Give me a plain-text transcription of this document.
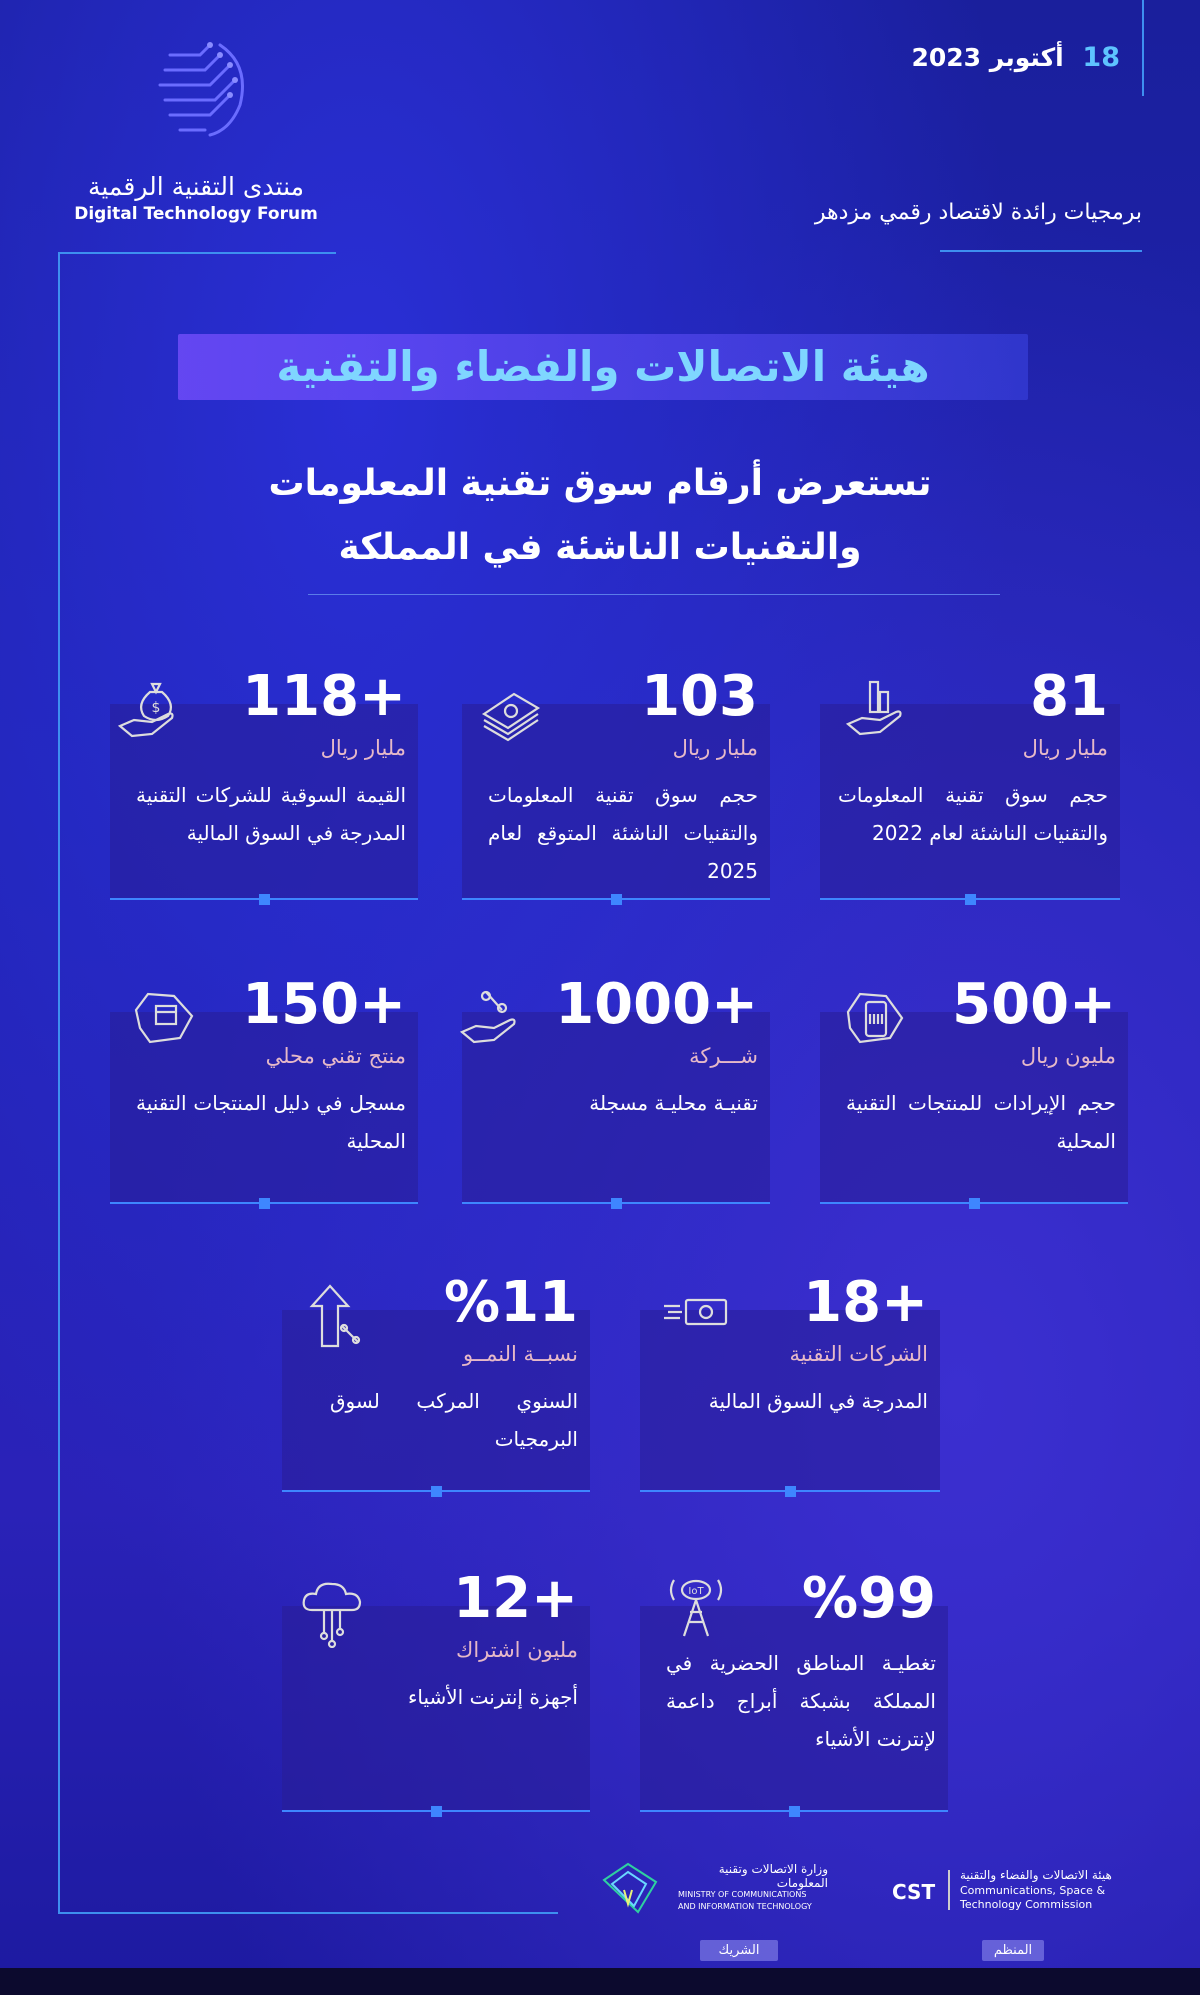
18 أكتوبر 2023
برمجيات رائدة لاقتصاد رقمي مزدهر
منتدى التقنية الرقمية
Digital Technology Forum
هيئة الاتصالات والفضاء والتقنية
تستعرض أرقام سوق تقنية المعلومات
والتقنيات الناشئة في المملكة
81
مليار ريال
حجم سوق تقنية المعلومات والتقنيات الناشئة لعام 2022
103
مليار ريال
حجم سوق تقنية المعلومات والتقنيات الناشئة المتوقع لعام 2025
118+
مليار ريال
القيمة السوقية للشركات التقنية المدرجة في السوق المالية
$
500+
مليون ريال
حجم الإيرادات للمنتجات التقنية المحلية
1000+
شـــركة
تقنيـة محليـة مسجلة
150+
منتج تقني محلي
مسجل في دليل المنتجات التقنية المحلية
18+
الشركات التقنية
المدرجة في السوق المالية
%11
نسبــة النمــو
السنوي المركب لسوق البرمجيات
%99
تغطيـة المناطق الحضرية في المملكة بشبكة أبراج داعمة لإنترنت الأشياء
IoT
12+
مليون اشتراك
أجهزة إنترنت الأشياء
CST
هيئة الاتصالات والفضاء والتقنية
Communications, Space &
Technology Commission
المنظم
وزارة الاتصالات وتقنية المعلومات
MINISTRY OF COMMUNICATIONS
AND INFORMATION TECHNOLOGY
الشريك
